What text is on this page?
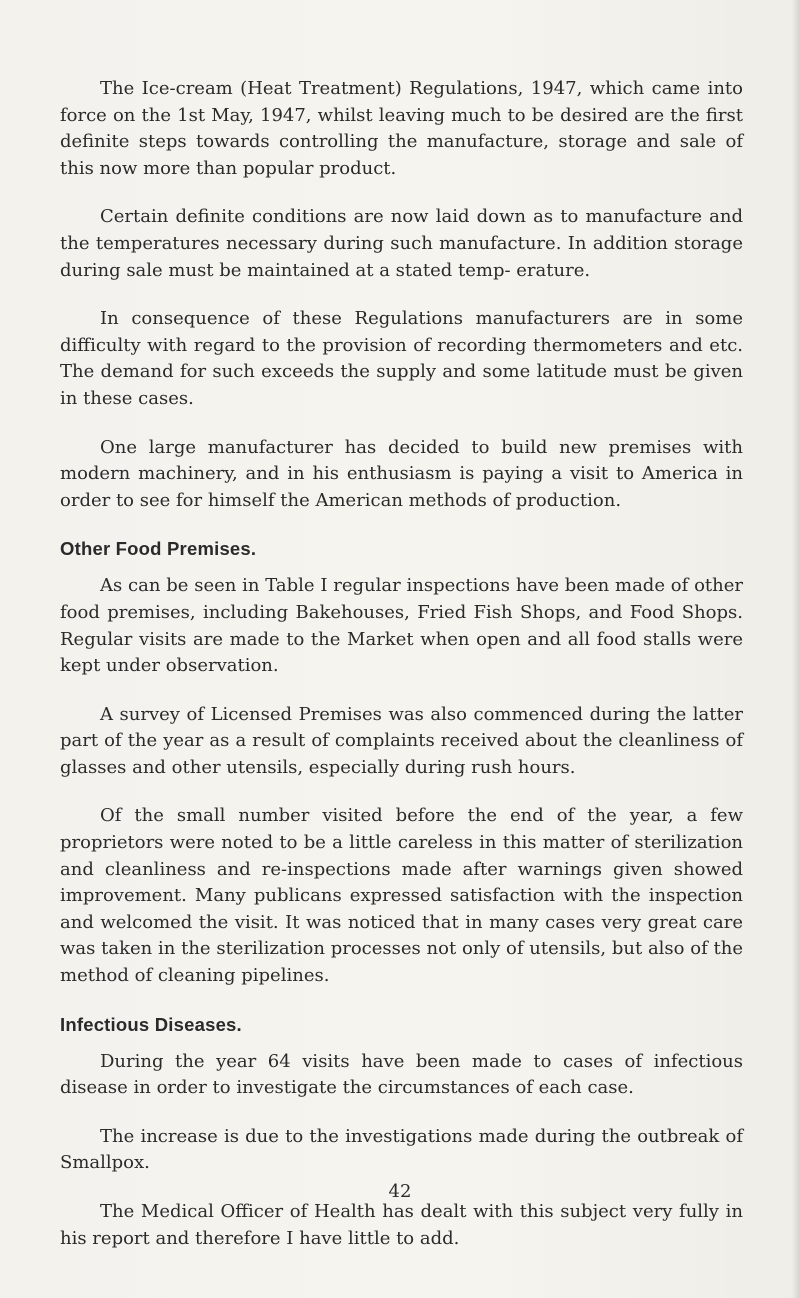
The Ice-cream (Heat Treatment) Regulations, 1947, which came into force on the 1st May, 1947, whilst leaving much to be desired are the first definite steps towards controlling the manufacture, storage and sale of this now more than popular product.

Certain definite conditions are now laid down as to manufacture and the temperatures necessary during such manufacture. In addition storage during sale must be maintained at a stated temp- erature.

In consequence of these Regulations manufacturers are in some difficulty with regard to the provision of recording thermometers and etc. The demand for such exceeds the supply and some latitude must be given in these cases.

One large manufacturer has decided to build new premises with modern machinery, and in his enthusiasm is paying a visit to America in order to see for himself the American methods of production.

Other Food Premises.

As can be seen in Table I regular inspections have been made of other food premises, including Bakehouses, Fried Fish Shops, and Food Shops. Regular visits are made to the Market when open and all food stalls were kept under observation.

A survey of Licensed Premises was also commenced during the latter part of the year as a result of complaints received about the cleanliness of glasses and other utensils, especially during rush hours.

Of the small number visited before the end of the year, a few proprietors were noted to be a little careless in this matter of sterilization and cleanliness and re-inspections made after warnings given showed improvement. Many publicans expressed satisfaction with the inspection and welcomed the visit. It was noticed that in many cases very great care was taken in the sterilization processes not only of utensils, but also of the method of cleaning pipelines.

Infectious Diseases.

During the year 64 visits have been made to cases of infectious disease in order to investigate the circumstances of each case.

The increase is due to the investigations made during the outbreak of Smallpox.

The Medical Officer of Health has dealt with this subject very fully in his report and therefore I have little to add.

42
